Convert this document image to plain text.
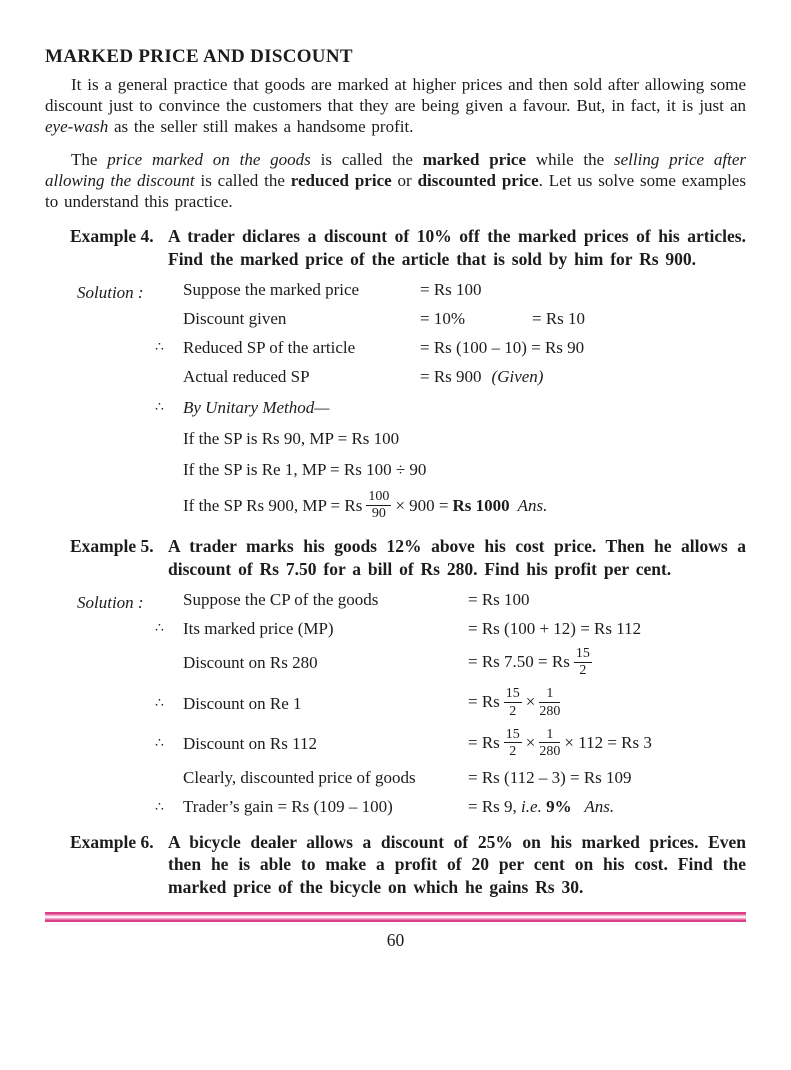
MARKED PRICE AND DISCOUNT

It is a general practice that goods are marked at higher prices and then sold after allowing some discount just to convince the customers that they are being given a favour. But, in fact, it is just an eye-wash as the seller still makes a handsome profit.

The price marked on the goods is called the marked price while the selling price after allowing the discount is called the reduced price or discounted price. Let us solve some examples to understand this practice.

Example 4. A trader diclares a discount of 10% off the marked prices of his articles. Find the marked price of the article that is sold by him for Rs 900.
Solution : Suppose the marked price	= Rs 100
Discount given	= 10%	= Rs 10
∴	Reduced SP of the article	= Rs (100 – 10) = Rs 90
Actual reduced SP	= Rs 900 (Given)
∴	By Unitary Method—
If the SP is Rs 90, MP = Rs 100
If the SP is Re 1, MP = Rs 100 ÷ 90
If the SP Rs 900, MP = Rs $\frac{100}{90} \times 900 = Rs$ 1000 Ans.
Example 5. A trader marks his goods 12% above his cost price. Then he allows a discount of Rs 7.50 for a bill of Rs 280. Find his profit per cent.
Solution : Suppose the CP of the goods	= Rs 100
∴	Its marked price (MP)	= Rs (100 + 12) = Rs 112
Discount on Rs 280	= Rs 7.50 = Rs $\frac{15}{2}$
∴	Discount on Re 1	= Rs $\frac{15}{2} \times \frac{1}{280}$
∴	Discount on Rs 112	= Rs $\frac{15}{2} \times \frac{1}{280} \times 112 = Rs$ 3
Clearly, discounted price of goods	= Rs (112 – 3) = Rs 109
∴	Trader’s gain = Rs (109 – 100)	= Rs 9, i.e. 9% Ans.
Example 6. A bicycle dealer allows a discount of 25% on his marked prices. Even then he is able to make a profit of 20 per cent on his cost. Find the marked price of the bicycle on which he gains Rs 30.
60
